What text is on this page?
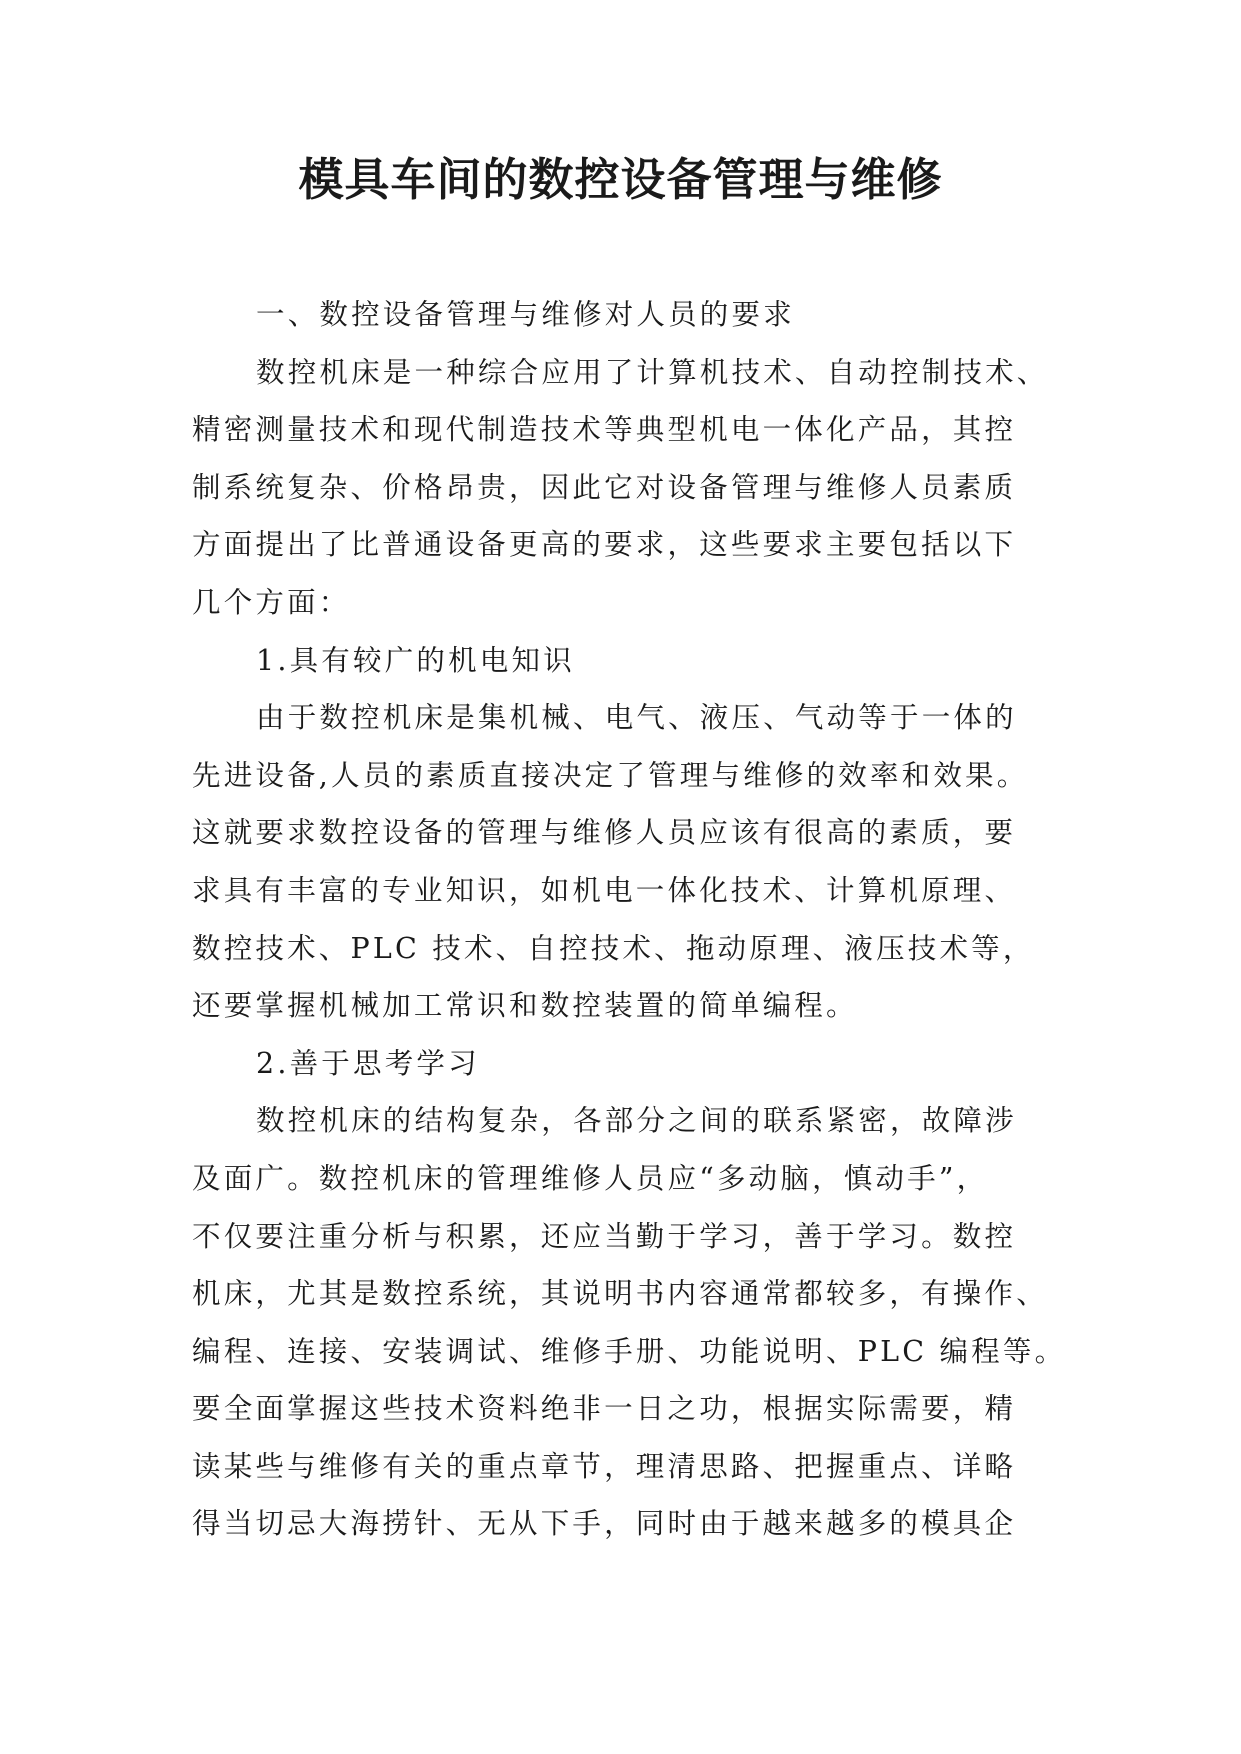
模具车间的数控设备管理与维修
一、数控设备管理与维修对人员的要求
数控机床是一种综合应用了计算机技术、自动控制技术、
精密测量技术和现代制造技术等典型机电一体化产品，其控
制系统复杂、价格昂贵，因此它对设备管理与维修人员素质
方面提出了比普通设备更高的要求，这些要求主要包括以下
几个方面：
1.具有较广的机电知识
由于数控机床是集机械、电气、液压、气动等于一体的
先进设备,人员的素质直接决定了管理与维修的效率和效果。
这就要求数控设备的管理与维修人员应该有很高的素质，要
求具有丰富的专业知识，如机电一体化技术、计算机原理、
数控技术、PLC 技术、自控技术、拖动原理、液压技术等，
还要掌握机械加工常识和数控装置的简单编程。
2.善于思考学习
数控机床的结构复杂，各部分之间的联系紧密，故障涉
及面广。数控机床的管理维修人员应“多动脑，慎动手”，
不仅要注重分析与积累，还应当勤于学习，善于学习。数控
机床，尤其是数控系统，其说明书内容通常都较多，有操作、
编程、连接、安装调试、维修手册、功能说明、PLC 编程等。
要全面掌握这些技术资料绝非一日之功，根据实际需要，精
读某些与维修有关的重点章节，理清思路、把握重点、详略
得当切忌大海捞针、无从下手，同时由于越来越多的模具企
